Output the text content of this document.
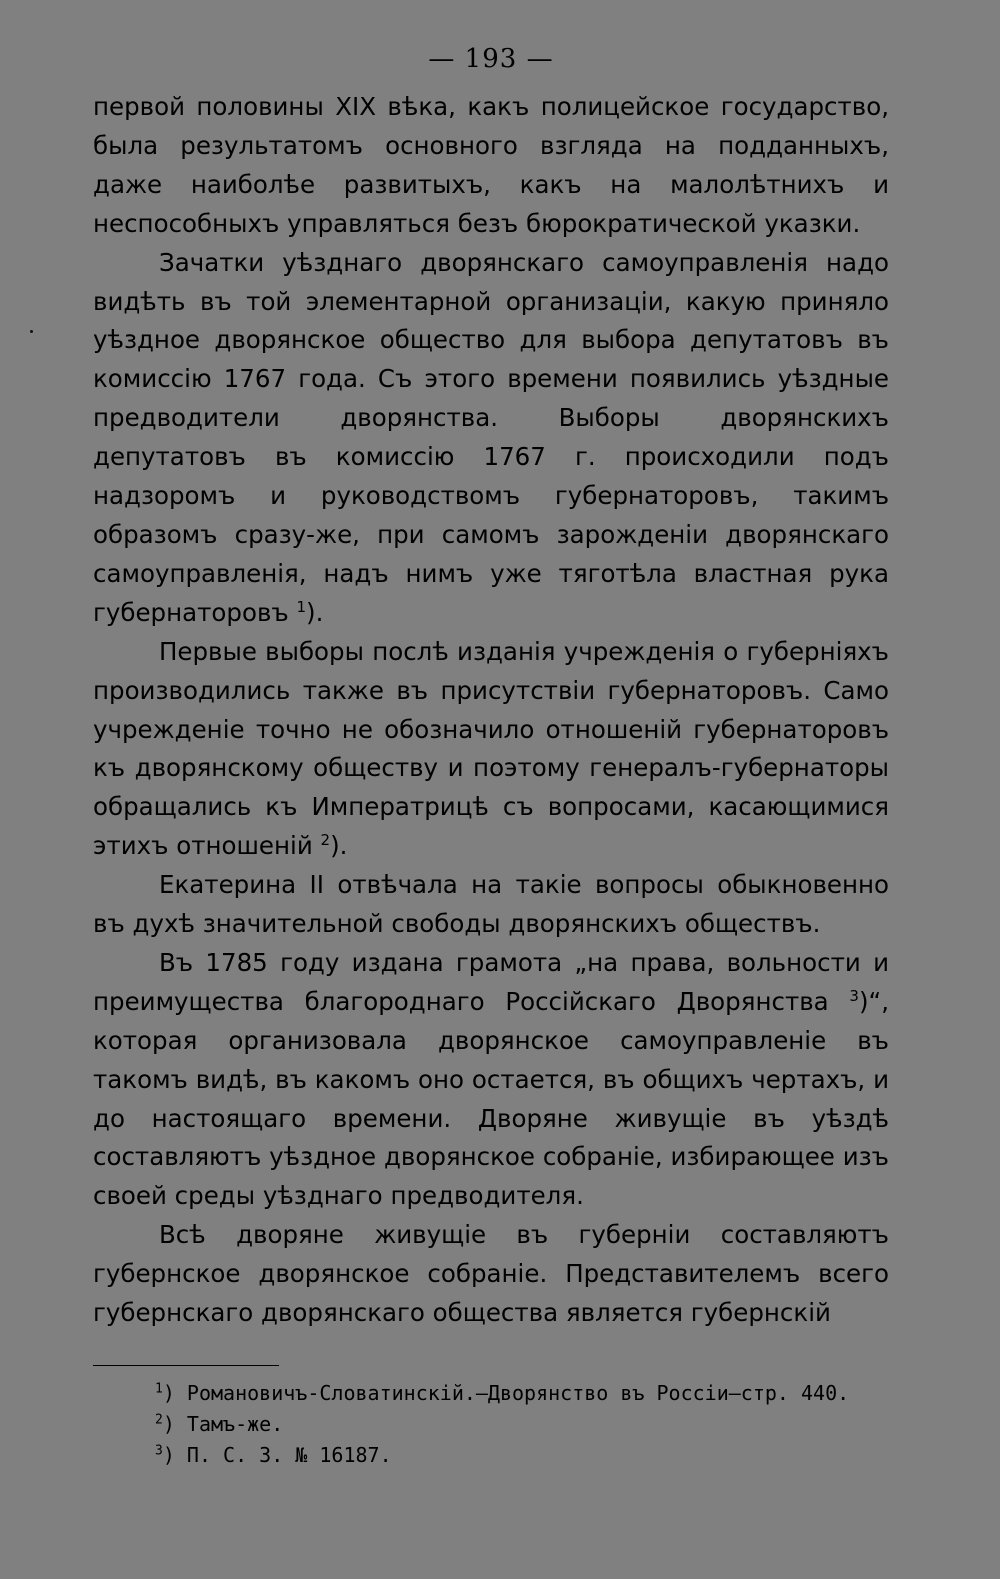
— 193 —

первой половины XIX вѣка, какъ полицейское государство, была результатомъ основного взгляда на подданныхъ, даже наиболѣе развитыхъ, какъ на малолѣтнихъ и неспособныхъ управляться безъ бюрократической указки.

Зачатки уѣзднаго дворянскаго самоуправленія надо видѣть въ той элементарной организаціи, какую приняло уѣздное дворянское общество для выбора депутатовъ въ комиссію 1767 года. Съ этого времени появились уѣздные предводители дворянства. Выборы дворянскихъ депутатовъ въ комиссію 1767 г. происходили подъ надзоромъ и руководствомъ губернаторовъ, такимъ образомъ сразу-же, при самомъ зарожденіи дворянскаго самоуправленія, надъ нимъ уже тяготѣла властная рука губернаторовъ $^1$).

Первые выборы послѣ изданія учрежденія о губерніяхъ производились также въ присутствіи губернаторовъ. Само учрежденіе точно не обозначило отношеній губернаторовъ къ дворянскому обществу и поэтому генералъ-губернаторы обращались къ Императрицѣ съ вопросами, касающимися этихъ отношеній $^2$).

Екатерина II отвѣчала на такіе вопросы обыкновенно въ духѣ значительной свободы дворянскихъ обществъ.

Въ 1785 году издана грамота „на права, вольности и преимущества благороднаго Россійскаго Дворянства $^3$)“, которая организовала дворянское самоуправленіе въ такомъ видѣ, въ какомъ оно остается, въ общихъ чертахъ, и до настоящаго времени. Дворяне живущіе въ уѣздѣ составляютъ уѣздное дворянское собраніе, избирающее изъ своей среды уѣзднаго предводителя.

Всѣ дворяне живущіе въ губерніи составляютъ губернское дворянское собраніе. Представителемъ всего губернскаго дворянскаго общества является губернскій

$^1$) Романовичъ-Словатинскій.—Дворянство въ Россіи—стр. 440.

$^2$) Тамъ-же.

$^3$) П. С. 3. № 16187.
